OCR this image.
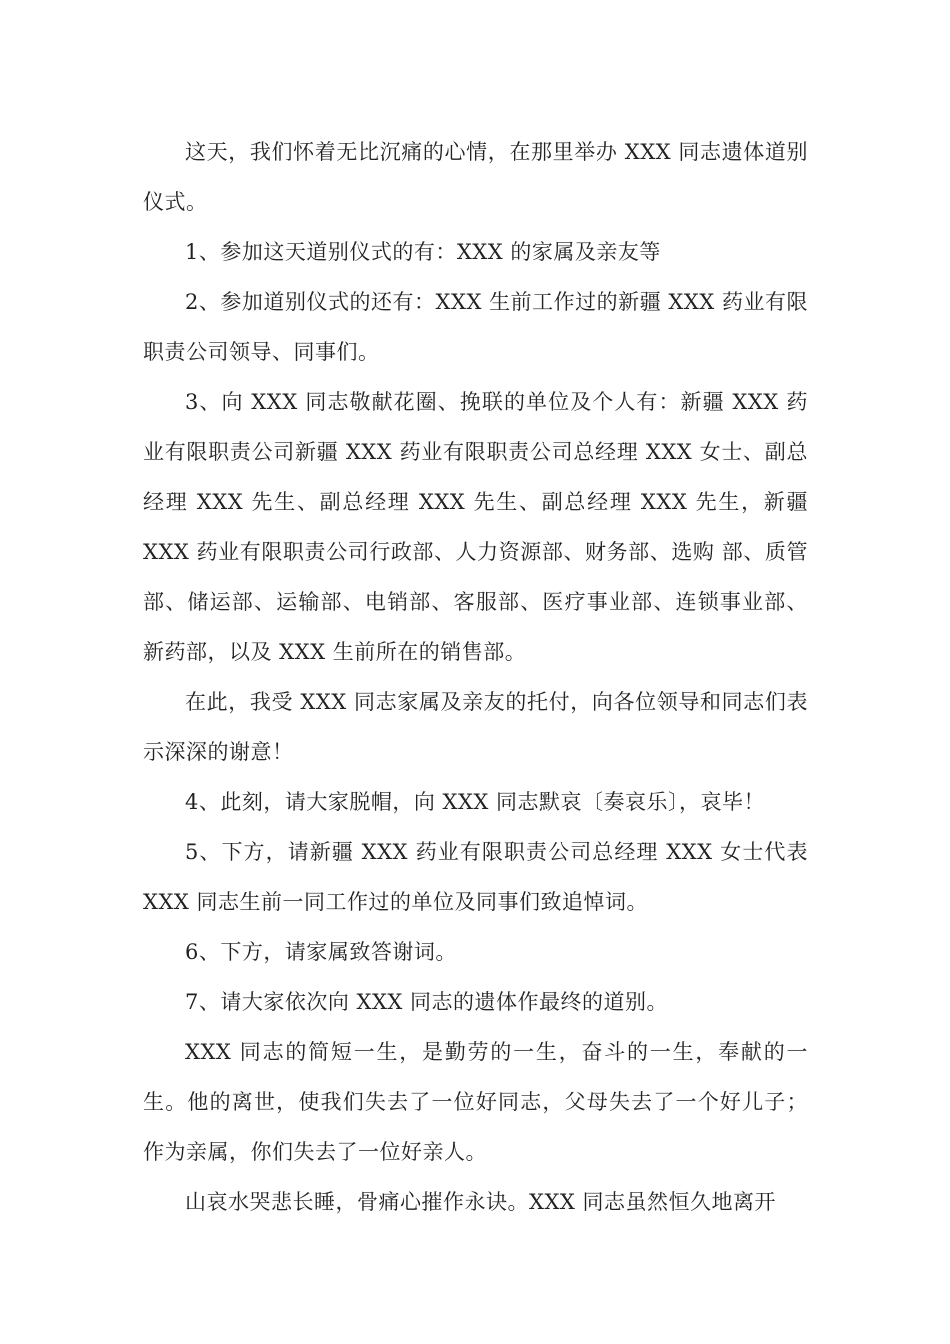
这天，我们怀着无比沉痛的心情，在那里举办 XXX 同志遗体道别仪式。

1、参加这天道别仪式的有：XXX 的家属及亲友等

2、参加道别仪式的还有：XXX 生前工作过的新疆 XXX 药业有限职责公司领导、同事们。

3、向 XXX 同志敬献花圈、挽联的单位及个人有：新疆 XXX 药业有限职责公司新疆 XXX 药业有限职责公司总经理 XXX 女士、副总经理 XXX 先生、副总经理 XXX 先生、副总经理 XXX 先生，新疆 XXX 药业有限职责公司行政部、人力资源部、财务部、选购 部、质管部、储运部、运输部、电销部、客服部、医疗事业部、连锁事业部、新药部，以及 XXX 生前所在的销售部。

在此，我受 XXX 同志家属及亲友的托付，向各位领导和同志们表示深深的谢意！

4、此刻，请大家脱帽，向 XXX 同志默哀〔奏哀乐〕，哀毕！

5、下方，请新疆 XXX 药业有限职责公司总经理 XXX 女士代表 XXX 同志生前一同工作过的单位及同事们致追悼词。

6、下方，请家属致答谢词。

7、请大家依次向 XXX 同志的遗体作最终的道别。

XXX 同志的简短一生，是勤劳的一生，奋斗的一生，奉献的一生。他的离世，使我们失去了一位好同志，父母失去了一个好儿子；作为亲属，你们失去了一位好亲人。

山哀水哭悲长睡，骨痛心摧作永诀。XXX 同志虽然恒久地离开
